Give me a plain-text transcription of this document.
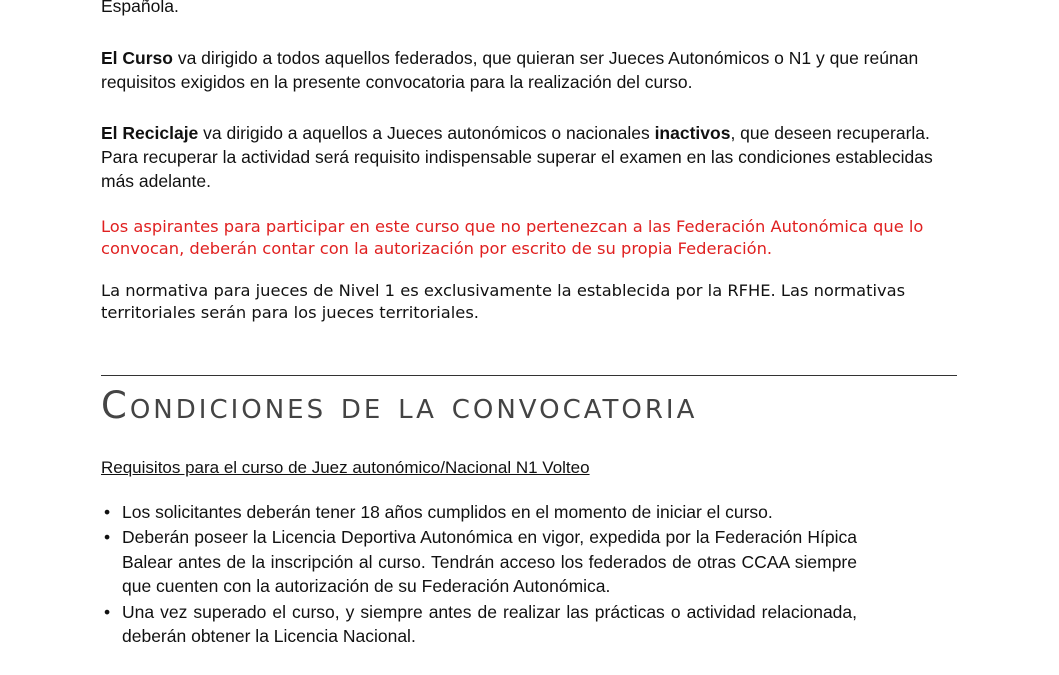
Española.

El Curso va dirigido a todos aquellos federados, que quieran ser Jueces Autonómicos o N1 y que reúnan requisitos exigidos en la presente convocatoria para la realización del curso.

El Reciclaje va dirigido a aquellos a Jueces autonómicos o nacionales inactivos, que deseen recuperarla. Para recuperar la actividad será requisito indispensable superar el examen en las condiciones establecidas más adelante.

Los aspirantes para participar en este curso que no pertenezcan a las Federación Autonómica que lo convocan, deberán contar con la autorización por escrito de su propia Federación.

La normativa para jueces de Nivel 1 es exclusivamente la establecida por la RFHE. Las normativas territoriales serán para los jueces territoriales.

Condiciones de la convocatoria

Requisitos para el curso de Juez autonómico/Nacional N1 Volteo

• Los solicitantes deberán tener 18 años cumplidos en el momento de iniciar el curso.
• Deberán poseer la Licencia Deportiva Autonómica en vigor, expedida por la Federación Hípica Balear antes de la inscripción al curso. Tendrán acceso los federados de otras CCAA siempre que cuenten con la autorización de su Federación Autonómica.
• Una vez superado el curso, y siempre antes de realizar las prácticas o actividad relacionada, deberán obtener la Licencia Nacional.
